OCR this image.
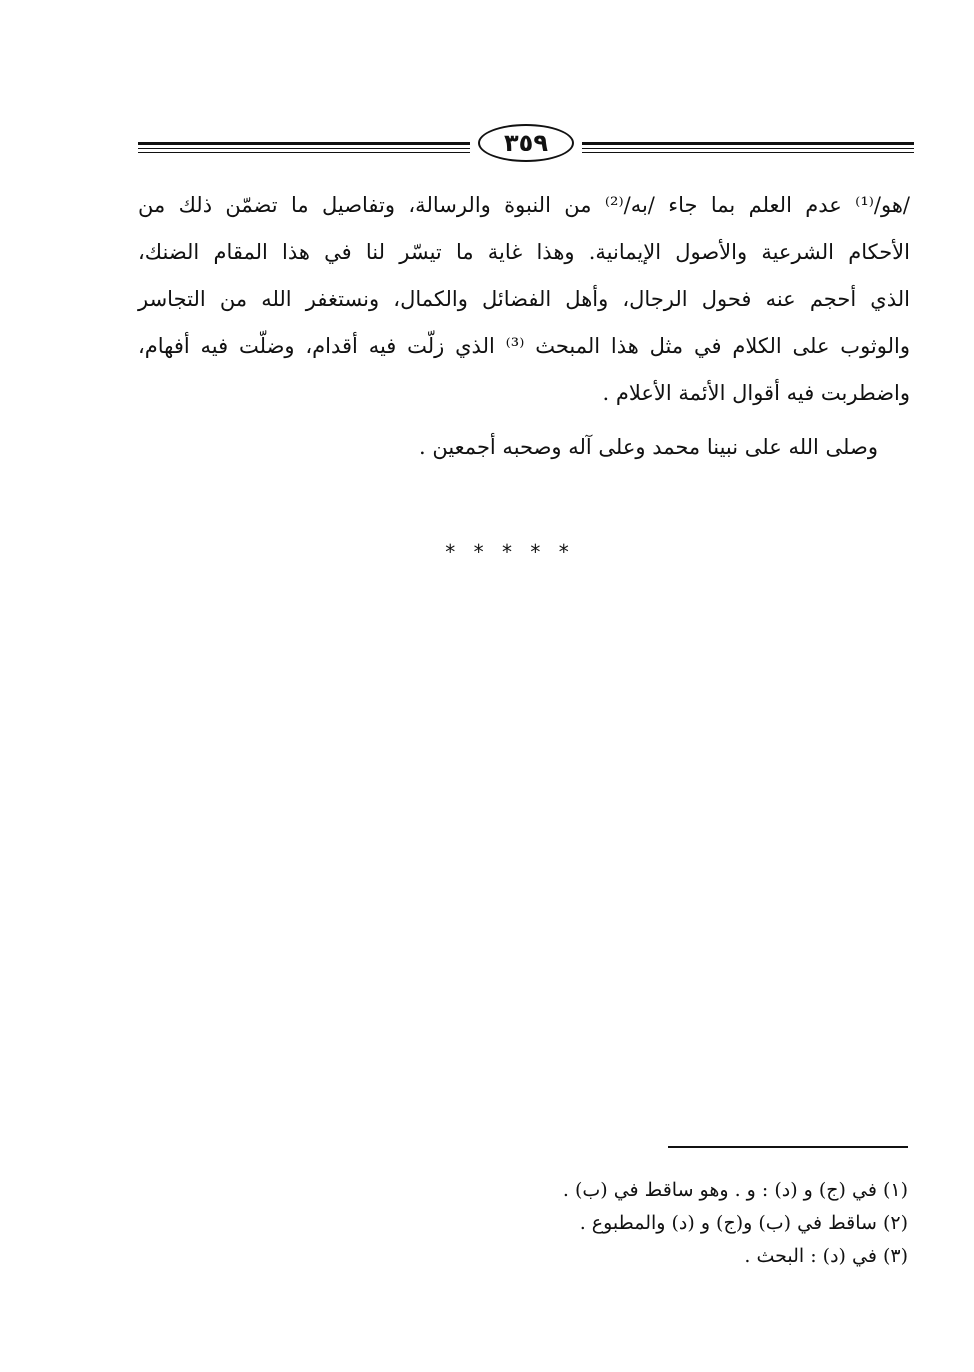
٣٥٩
/هو/⁽¹⁾ عدم العلم بما جاء /به/⁽²⁾ من النبوة والرسالة، وتفاصيل ما تضمّن ذلك من
الأحكام الشرعية والأصول الإيمانية. وهذا غاية ما تيسّر لنا في هذا المقام الضنك،
الذي أحجم عنه فحول الرجال، وأهل الفضائل والكمال، ونستغفر الله من التجاسر
والوثوب على الكلام في مثل هذا المبحث ⁽³⁾ الذي زلّت فيه أقدام، وضلّت فيه أفهام،
واضطربت فيه أقوال الأئمة الأعلام .
وصلى الله على نبينا محمد وعلى آله وصحبه أجمعين .
* * * * *
(١) في (ج) و (د) : و . وهو ساقط في (ب) .
(٢) ساقط في (ب) و(ج) و (د) والمطبوع .
(٣) في (د) : البحث .
